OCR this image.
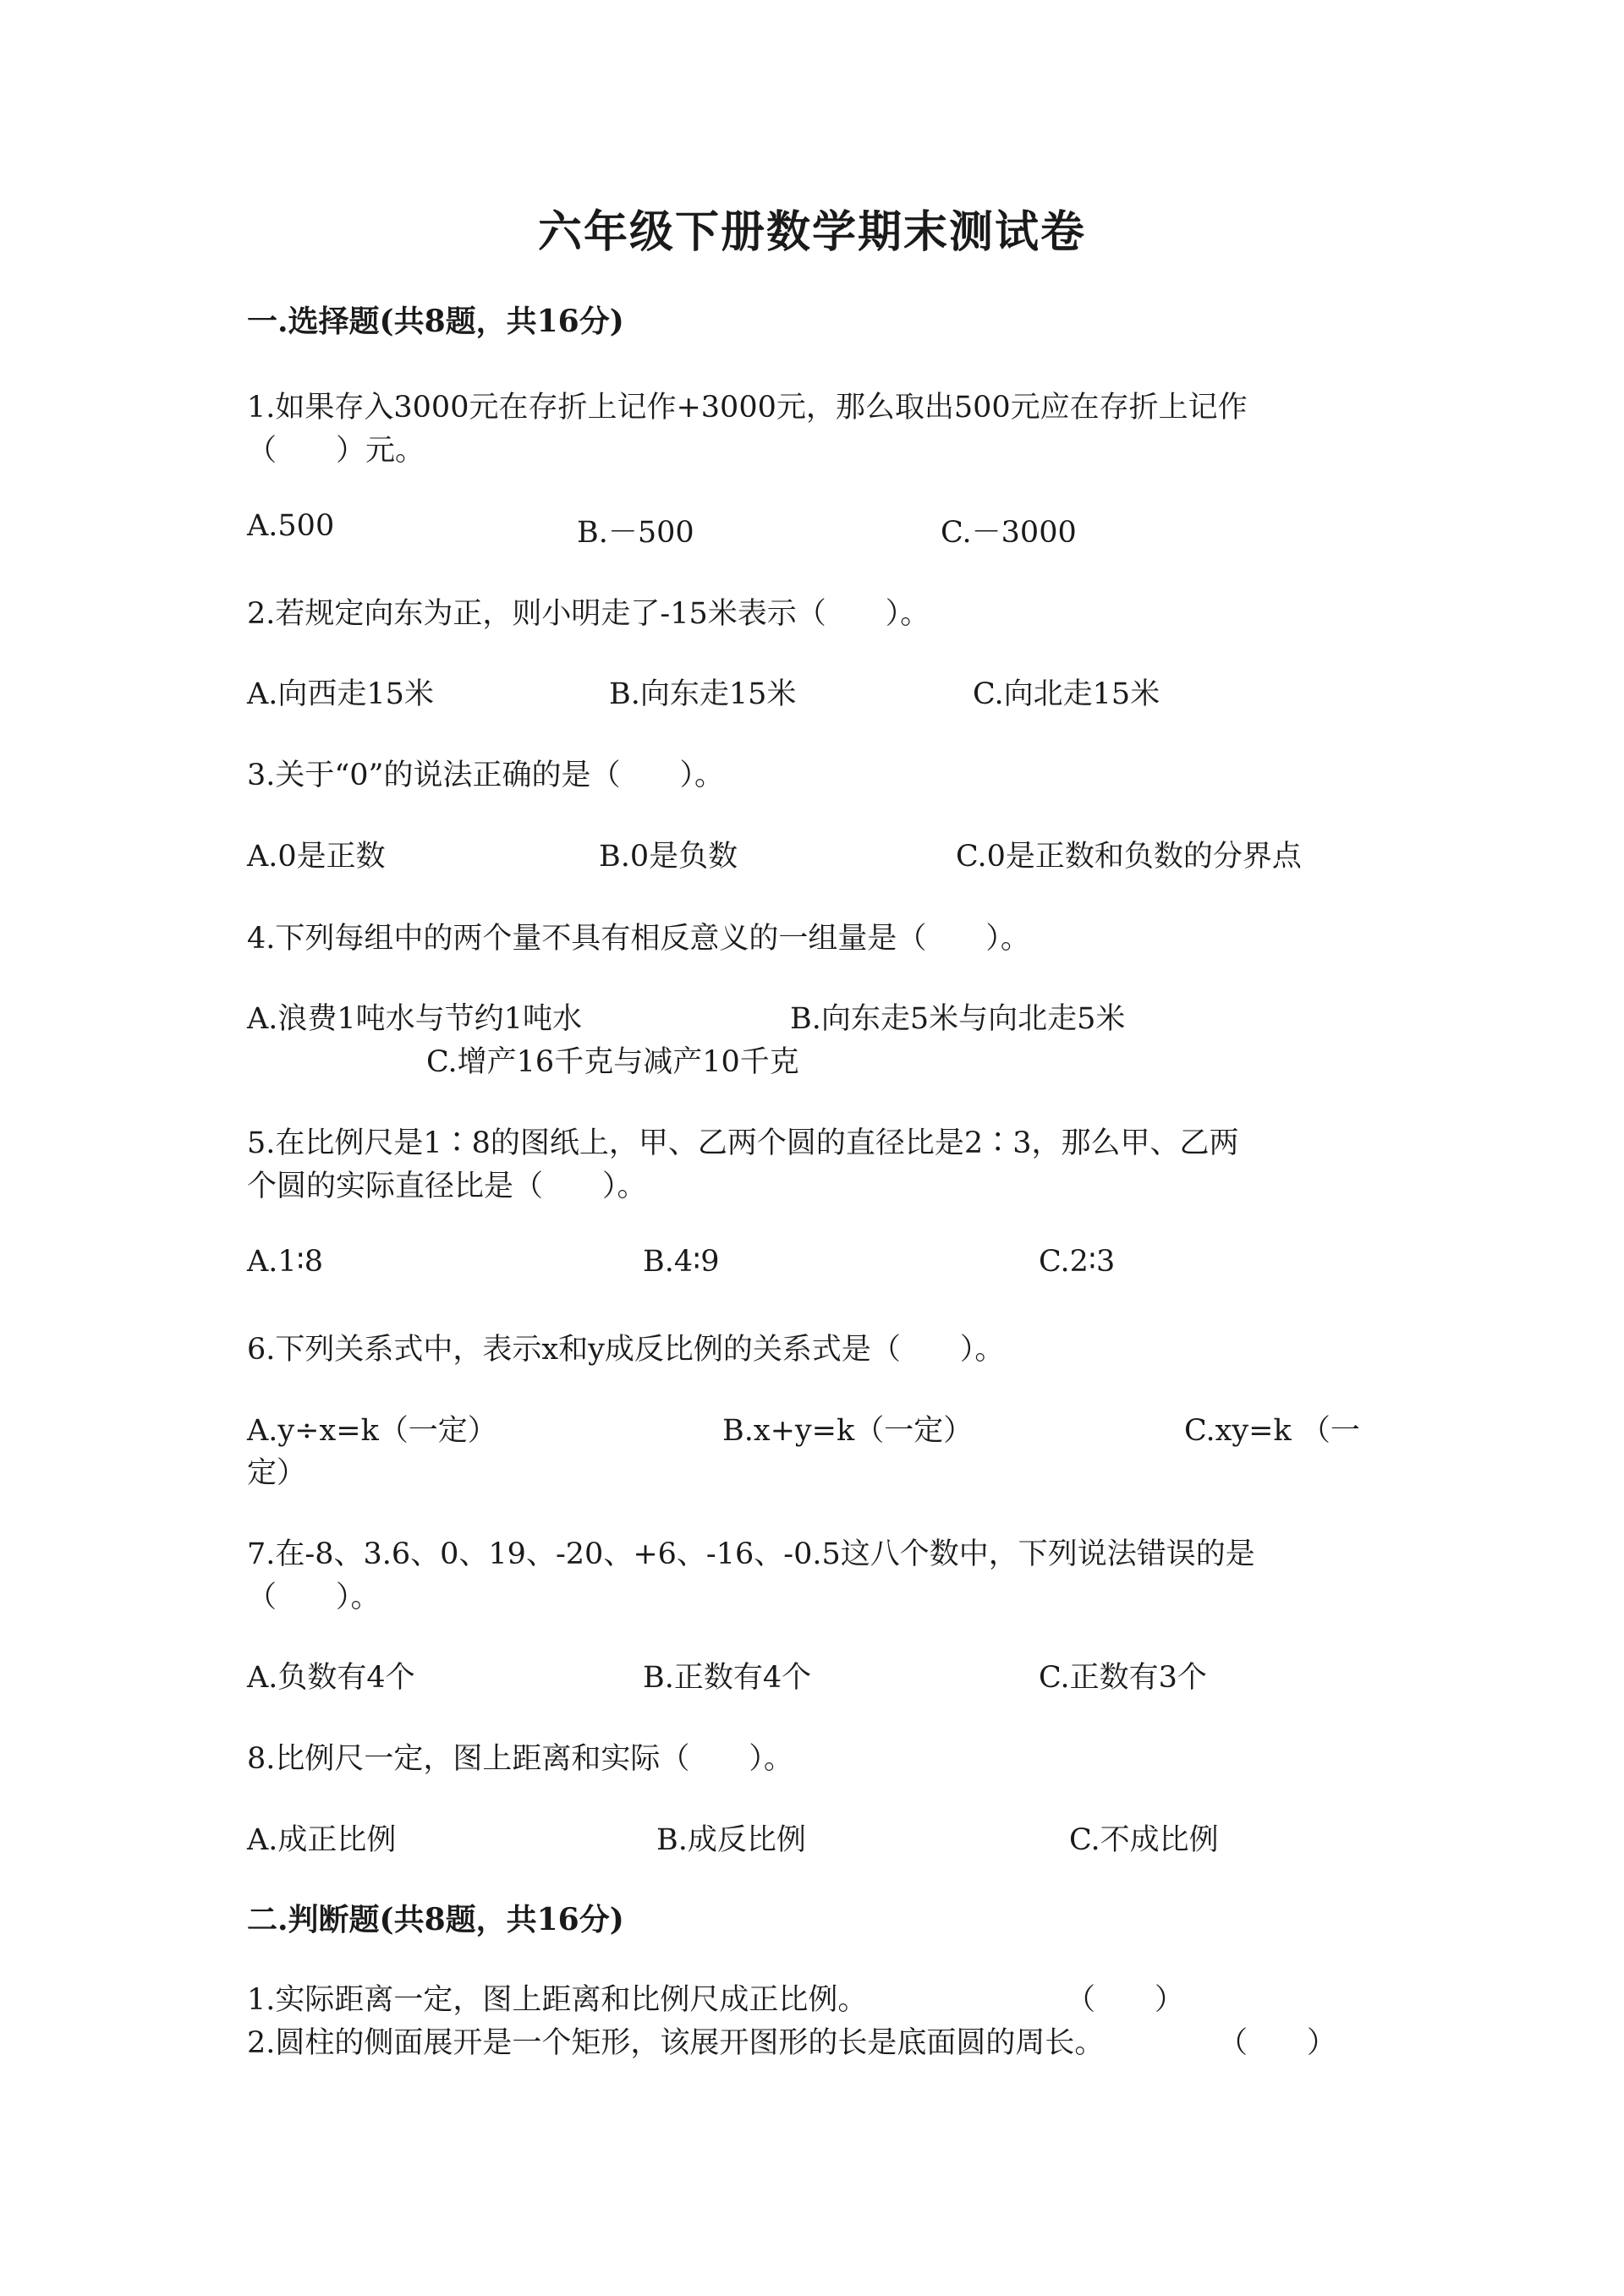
六年级下册数学期末测试卷
一.选择题(共8题，共16分)
1.如果存入3000元在存折上记作+3000元，那么取出500元应在存折上记作
（　　）元。
A.500	B.－500	C.－3000
2.若规定向东为正，则小明走了-15米表示（　　）。
A.向西走15米	B.向东走15米	C.向北走15米
3.关于“0”的说法正确的是（　　）。
A.0是正数	B.0是负数	C.0是正数和负数的分界点
4.下列每组中的两个量不具有相反意义的一组量是（　　）。
A.浪费1吨水与节约1吨水	B.向东走5米与向北走5米
C.增产16千克与减产10千克
5.在比例尺是1∶8的图纸上，甲、乙两个圆的直径比是2∶3，那么甲、乙两
个圆的实际直径比是（　　）。
A.1∶8	B.4∶9	C.2∶3
6.下列关系式中，表示x和y成反比例的关系式是（　　）。
A.y÷x=k（一定）	B.x+y=k（一定）	C.xy=k （一
定）
7.在-8、3.6、0、19、-20、+6、-16、-0.5这八个数中，下列说法错误的是
（　　）。
A.负数有4个	B.正数有4个	C.正数有3个
8.比例尺一定，图上距离和实际（　　）。
A.成正比例	B.成反比例	C.不成比例
二.判断题(共8题，共16分)
1.实际距离一定，图上距离和比例尺成正比例。	（　　）
2.圆柱的侧面展开是一个矩形，该展开图形的长是底面圆的周长。	（　　）
